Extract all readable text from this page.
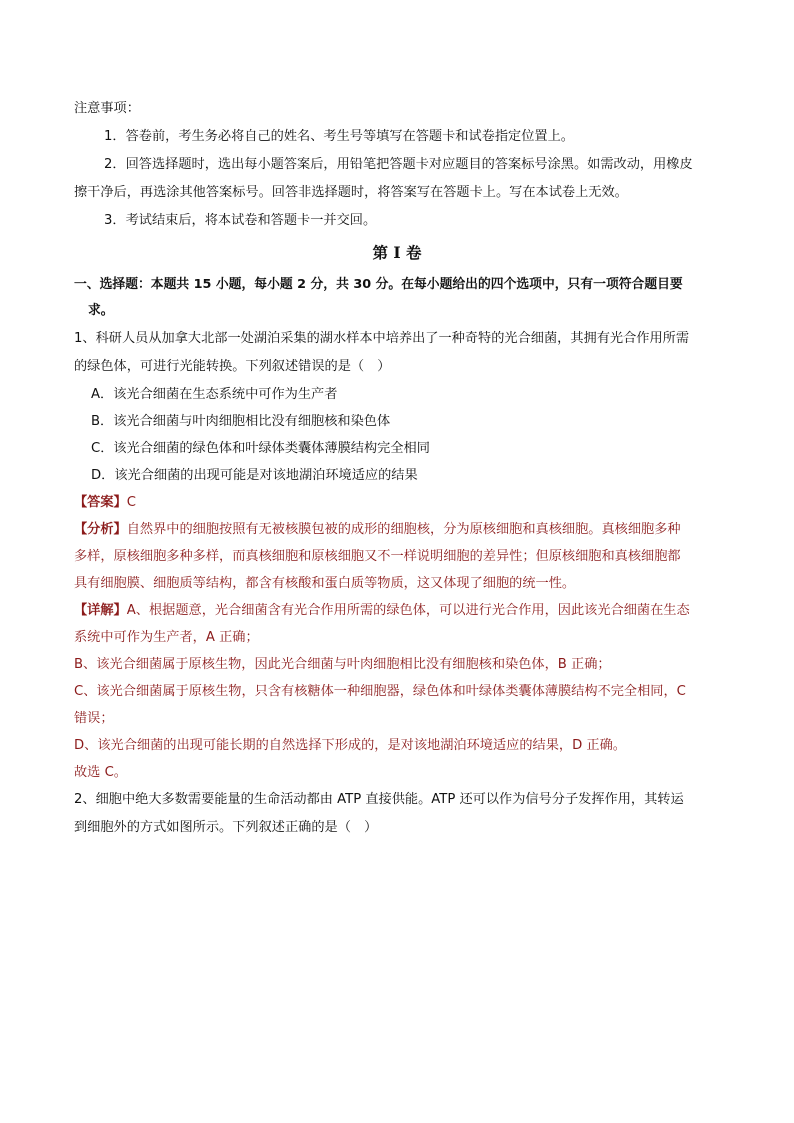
注意事项：
1．答卷前，考生务必将自己的姓名、考生号等填写在答题卡和试卷指定位置上。
2．回答选择题时，选出每小题答案后，用铅笔把答题卡对应题目的答案标号涂黑。如需改动，用橡皮
擦干净后，再选涂其他答案标号。回答非选择题时，将答案写在答题卡上。写在本试卷上无效。
3．考试结束后，将本试卷和答题卡一并交回。
第 I 卷
一、选择题：本题共 15 小题，每小题 2 分，共 30 分。在每小题给出的四个选项中，只有一项符合题目要
求。
1、科研人员从加拿大北部一处湖泊采集的湖水样本中培养出了一种奇特的光合细菌，其拥有光合作用所需
的绿色体，可进行光能转换。下列叙述错误的是（　）
A．该光合细菌在生态系统中可作为生产者
B．该光合细菌与叶肉细胞相比没有细胞核和染色体
C．该光合细菌的绿色体和叶绿体类囊体薄膜结构完全相同
D．该光合细菌的出现可能是对该地湖泊环境适应的结果
【答案】C
【分析】自然界中的细胞按照有无被核膜包被的成形的细胞核，分为原核细胞和真核细胞。真核细胞多种
多样，原核细胞多种多样，而真核细胞和原核细胞又不一样说明细胞的差异性；但原核细胞和真核细胞都
具有细胞膜、细胞质等结构，都含有核酸和蛋白质等物质，这又体现了细胞的统一性。
【详解】A、根据题意，光合细菌含有光合作用所需的绿色体，可以进行光合作用，因此该光合细菌在生态
系统中可作为生产者，A 正确；
B、该光合细菌属于原核生物，因此光合细菌与叶肉细胞相比没有细胞核和染色体，B 正确；
C、该光合细菌属于原核生物，只含有核糖体一种细胞器，绿色体和叶绿体类囊体薄膜结构不完全相同，C
错误；
D、该光合细菌的出现可能长期的自然选择下形成的，是对该地湖泊环境适应的结果，D 正确。
故选 C。
2、细胞中绝大多数需要能量的生命活动都由 ATP 直接供能。ATP 还可以作为信号分子发挥作用，其转运
到细胞外的方式如图所示。下列叙述正确的是（　）
